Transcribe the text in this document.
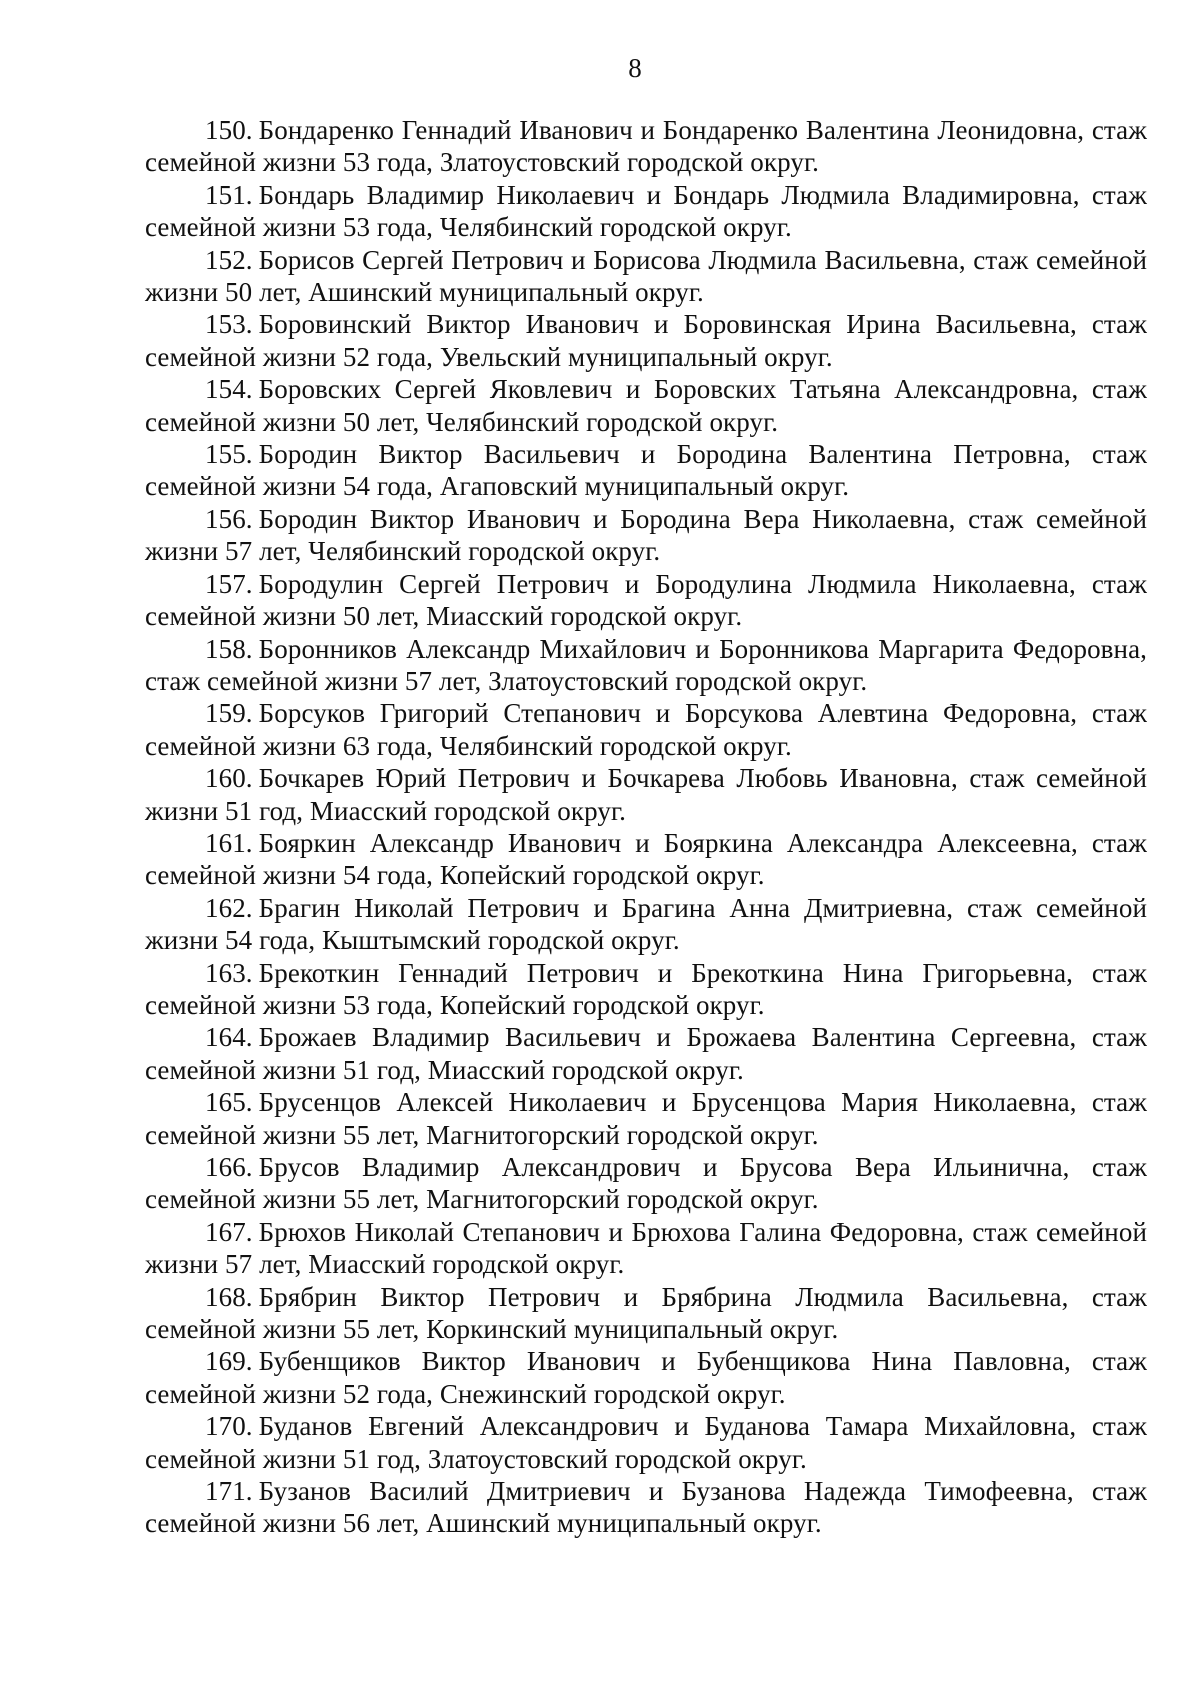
8

150. Бондаренко Геннадий Иванович и Бондаренко Валентина Леонидовна, стаж семейной жизни 53 года, Златоустовский городской округ.

151. Бондарь Владимир Николаевич и Бондарь Людмила Владимировна, стаж семейной жизни 53 года, Челябинский городской округ.

152. Борисов Сергей Петрович и Борисова Людмила Васильевна, стаж семейной жизни 50 лет, Ашинский муниципальный округ.

153. Боровинский Виктор Иванович и Боровинская Ирина Васильевна, стаж семейной жизни 52 года, Увельский муниципальный округ.

154. Боровских Сергей Яковлевич и Боровских Татьяна Александровна, стаж семейной жизни 50 лет, Челябинский городской округ.

155. Бородин Виктор Васильевич и Бородина Валентина Петровна, стаж семейной жизни 54 года, Агаповский муниципальный округ.

156. Бородин Виктор Иванович и Бородина Вера Николаевна, стаж семейной жизни 57 лет, Челябинский городской округ.

157. Бородулин Сергей Петрович и Бородулина Людмила Николаевна, стаж семейной жизни 50 лет, Миасский городской округ.

158. Боронников Александр Михайлович и Боронникова Маргарита Федоровна, стаж семейной жизни 57 лет, Златоустовский городской округ.

159. Борсуков Григорий Степанович и Борсукова Алевтина Федоровна, стаж семейной жизни 63 года, Челябинский городской округ.

160. Бочкарев Юрий Петрович и Бочкарева Любовь Ивановна, стаж семейной жизни 51 год, Миасский городской округ.

161. Бояркин Александр Иванович и Бояркина Александра Алексеевна, стаж семейной жизни 54 года, Копейский городской округ.

162. Брагин Николай Петрович и Брагина Анна Дмитриевна, стаж семейной жизни 54 года, Кыштымский городской округ.

163. Брекоткин Геннадий Петрович и Брекоткина Нина Григорьевна, стаж семейной жизни 53 года, Копейский городской округ.

164. Брожаев Владимир Васильевич и Брожаева Валентина Сергеевна, стаж семейной жизни 51 год, Миасский городской округ.

165. Брусенцов Алексей Николаевич и Брусенцова Мария Николаевна, стаж семейной жизни 55 лет, Магнитогорский городской округ.

166. Брусов Владимир Александрович и Брусова Вера Ильинична, стаж семейной жизни 55 лет, Магнитогорский городской округ.

167. Брюхов Николай Степанович и Брюхова Галина Федоровна, стаж семейной жизни 57 лет, Миасский городской округ.

168. Брябрин Виктор Петрович и Брябрина Людмила Васильевна, стаж семейной жизни 55 лет, Коркинский муниципальный округ.

169. Бубенщиков Виктор Иванович и Бубенщикова Нина Павловна, стаж семейной жизни 52 года, Снежинский городской округ.

170. Буданов Евгений Александрович и Буданова Тамара Михайловна, стаж семейной жизни 51 год, Златоустовский городской округ.

171. Бузанов Василий Дмитриевич и Бузанова Надежда Тимофеевна, стаж семейной жизни 56 лет, Ашинский муниципальный округ.
